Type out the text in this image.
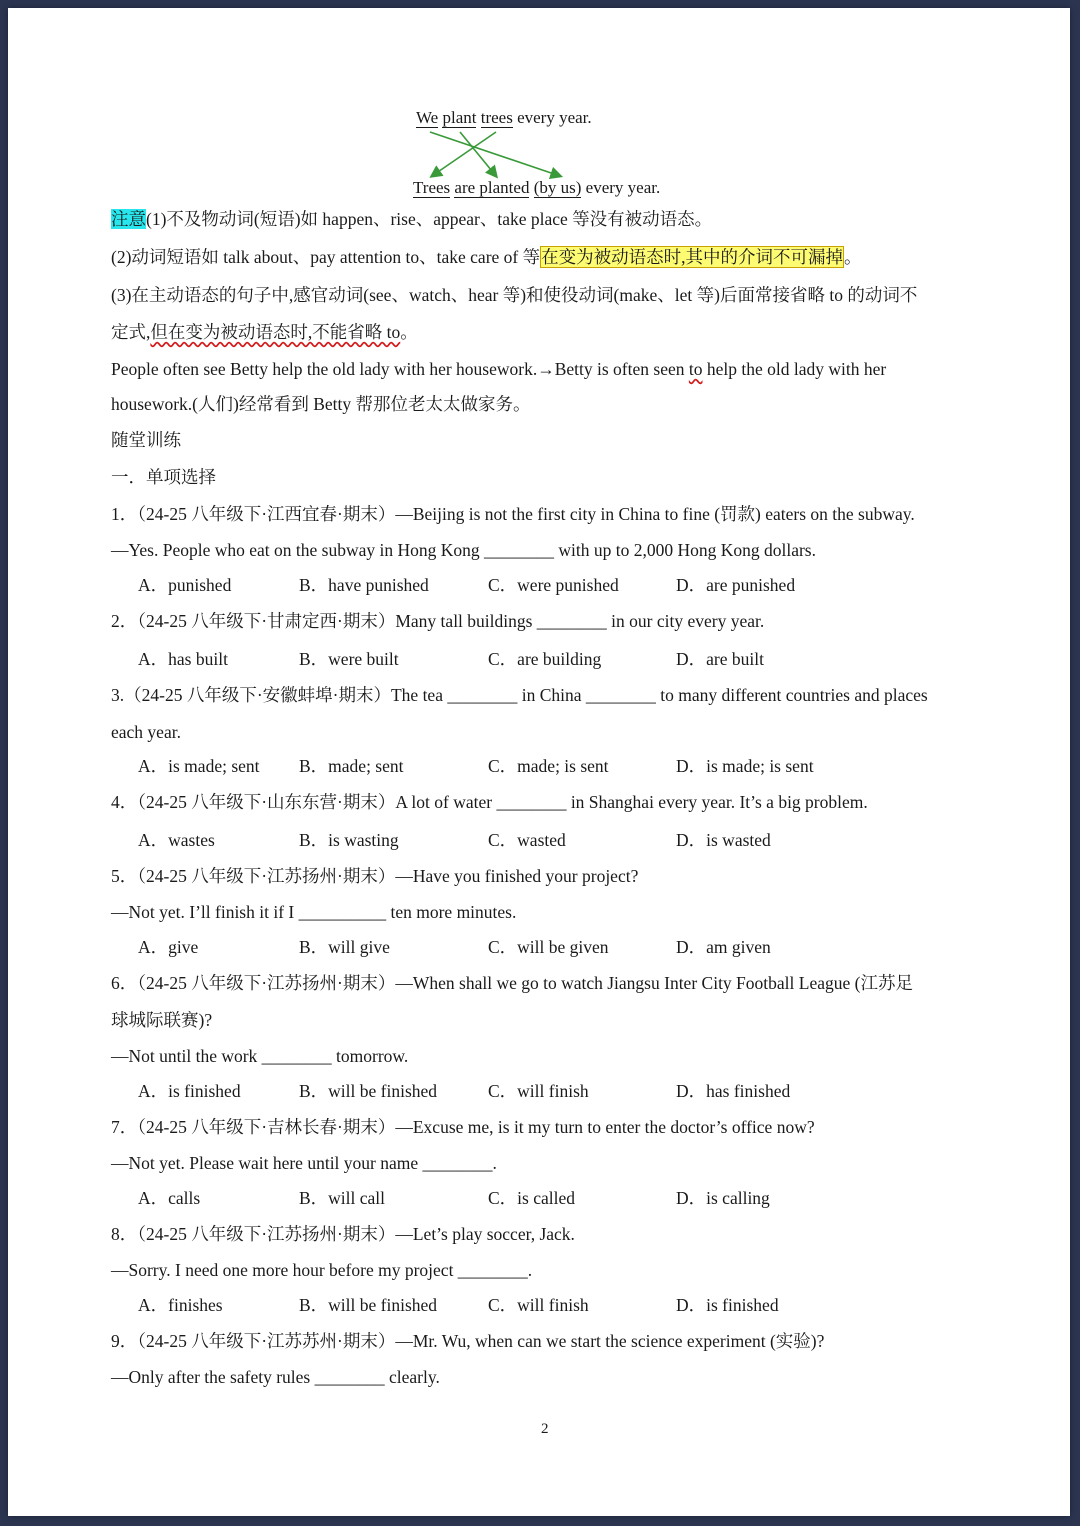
We plant trees every year.
Trees are planted (by us) every year.
注意(1)不及物动词(短语)如 happen、rise、appear、take place 等没有被动语态。
(2)动词短语如 talk about、pay attention to、take care of 等在变为被动语态时,其中的介词不可漏掉。
(3)在主动语态的句子中,感官动词(see、watch、hear 等)和使役动词(make、let 等)后面常接省略 to 的动词不
定式,但在变为被动语态时,不能省略 to。
People often see Betty help the old lady with her housework.→Betty is often seen to help the old lady with her
housework.(人们)经常看到 Betty 帮那位老太太做家务。
随堂训练
一．单项选择
1．（24-25 八年级下·江西宜春·期末）—Beijing is not the first city in China to fine (罚款) eaters on the subway.
—Yes. People who eat on the subway in Hong Kong ________ with up to 2,000 Hong Kong dollars.
A．punished	B．have punished	C．were punished	D．are punished
2．（24-25 八年级下·甘肃定西·期末）Many tall buildings ________ in our city every year.
A．has built	B．were built	C．are building	D．are built
3.（24-25 八年级下·安徽蚌埠·期末）The tea ________ in China ________ to many different countries and places
each year.
A．is made; sent B．made; sent	C．made; is sent	D．is made; is sent
4．（24-25 八年级下·山东东营·期末）A lot of water ________ in Shanghai every year. It’s a big problem.
A．wastes	B．is wasting	C．wasted	D．is wasted
5．（24-25 八年级下·江苏扬州·期末）—Have you finished your project?
—Not yet. I’ll finish it if I __________ ten more minutes.
A．give	B．will give	C．will be given	D．am given
6．（24-25 八年级下·江苏扬州·期末）—When shall we go to watch Jiangsu Inter City Football League (江苏足
球城际联赛)?
—Not until the work ________ tomorrow.
A．is finished	B．will be finished	C．will finish	D．has finished
7．（24-25 八年级下·吉林长春·期末）—Excuse me, is it my turn to enter the doctor’s office now?
—Not yet. Please wait here until your name ________.
A．calls	B．will call	C．is called	D．is calling
8．（24-25 八年级下·江苏扬州·期末）—Let’s play soccer, Jack.
—Sorry. I need one more hour before my project ________.
A．finishes	B．will be finished	C．will finish	D．is finished
9．（24-25 八年级下·江苏苏州·期末）—Mr. Wu, when can we start the science experiment (实验)?
—Only after the safety rules ________ clearly.
2
